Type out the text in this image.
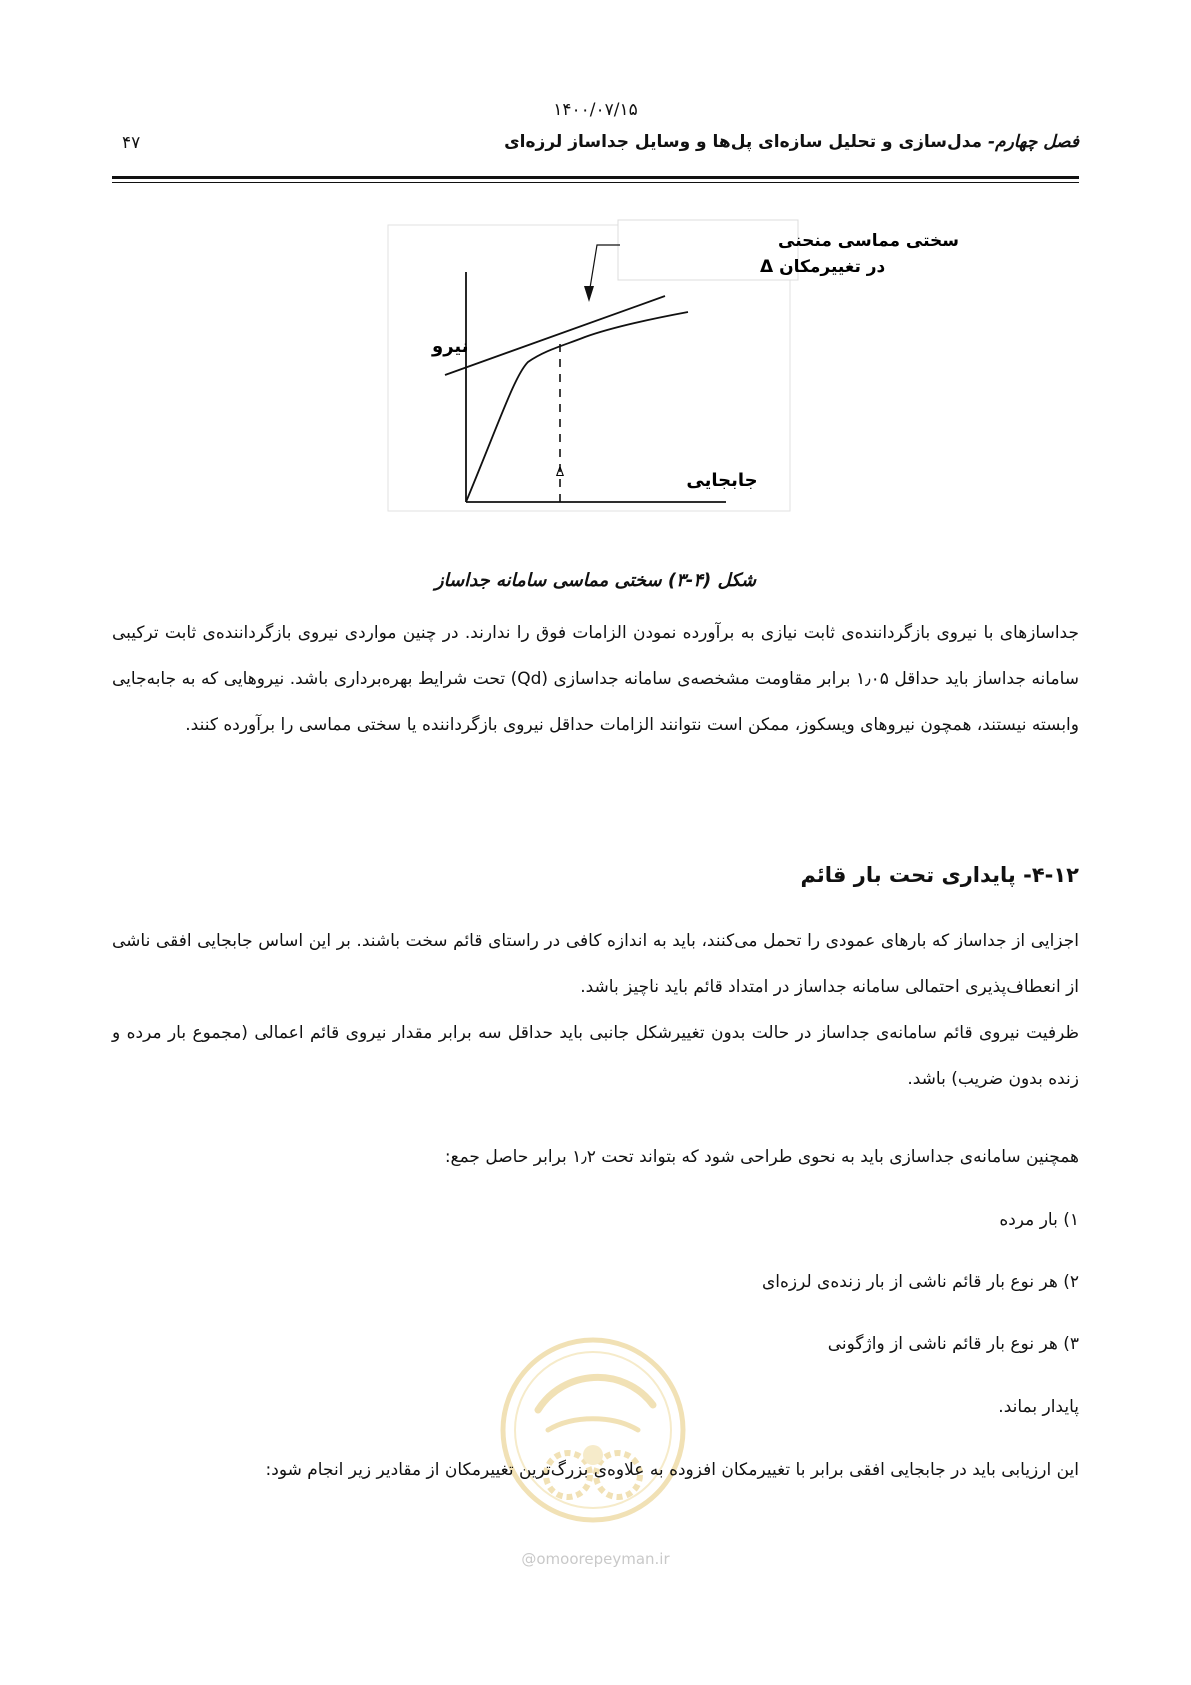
۱۴۰۰/۰۷/۱۵
فصل چهارم- مدل‌سازی و تحلیل سازه‌ای پل‌ها و وسایل جداساز لرزه‌ای
۴۷
سختی مماسی منحنی
در تغییرمکان Δ
نیرو
جابجایی
Δ
شکل (۴-۳) سختی مماسی سامانه جداساز
جداسازهای با نیروی بازگرداننده‌ی ثابت نیازی به برآورده نمودن الزامات فوق را ندارند. در چنین مواردی نیروی بازگرداننده‌ی ثابت ترکیبی سامانه جداساز باید حداقل ۱٫۰۵ برابر مقاومت مشخصه‌ی سامانه جداسازی (Qd) تحت شرایط بهره‌برداری باشد. نیروهایی که به جابه‌جایی وابسته نیستند، همچون نیروهای ویسکوز، ممکن است نتوانند الزامات حداقل نیروی بازگرداننده یا سختی مماسی را برآورده کنند.
۴-۱۲- پایداری تحت بار قائم
اجزایی از جداساز که بارهای عمودی را تحمل می‌کنند، باید به اندازه کافی در راستای قائم سخت باشند. بر این اساس جابجایی افقی ناشی از انعطاف‌پذیری احتمالی سامانه جداساز در امتداد قائم باید ناچیز باشد.
ظرفیت نیروی قائم سامانه‌ی جداساز در حالت بدون تغییرشکل جانبی باید حداقل سه برابر مقدار نیروی قائم اعمالی (مجموع بار مرده و زنده بدون ضریب) باشد.
همچنین سامانه‌ی جداسازی باید به نحوی طراحی شود که بتواند تحت ۱٫۲ برابر حاصل جمع:
۱) بار مرده
۲) هر نوع بار قائم ناشی از بار زنده‌ی لرزه‌ای
۳) هر نوع بار قائم ناشی از واژگونی
پایدار بماند.
این ارزیابی باید در جابجایی افقی برابر با تغییرمکان افزوده به علاوه‌ی بزرگ‌ترین تغییرمکان از مقادیر زیر انجام شود:
@omoorepeyman.ir
